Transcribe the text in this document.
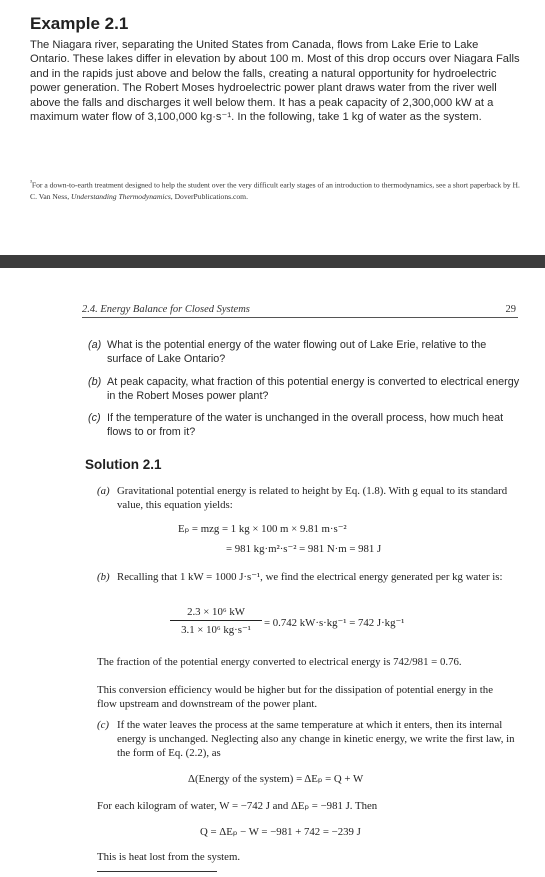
Example 2.1
The Niagara river, separating the United States from Canada, flows from Lake Erie to Lake Ontario. These lakes differ in elevation by about 100 m. Most of this drop occurs over Niagara Falls and in the rapids just above and below the falls, creating a natural opportunity for hydroelectric power generation. The Robert Moses hydroelectric power plant draws water from the river well above the falls and discharges it well below them. It has a peak capacity of 2,300,000 kW at a maximum water flow of 3,100,000 kg·s⁻¹. In the following, take 1 kg of water as the system.
$^{^3}$For a down-to-earth treatment designed to help the student over the very difficult early stages of an introduction to thermodynamics, see a short paperback by H. C. Van Ness, Understanding Thermodynamics, DoverPublications.com.
2.4. Energy Balance for Closed Systems	29
(a) What is the potential energy of the water flowing out of Lake Erie, relative to the surface of Lake Ontario?
(b) At peak capacity, what fraction of this potential energy is converted to electrical energy in the Robert Moses power plant?
(c) If the temperature of the water is unchanged in the overall process, how much heat flows to or from it?
Solution 2.1
(a) Gravitational potential energy is related to height by Eq. (1.8). With g equal to its standard value, this equation yields:
Eₚ = mzg = 1 kg × 100 m × 9.81 m·s⁻²
= 981 kg·m²·s⁻² = 981 N·m = 981 J
(b) Recalling that 1 kW = 1000 J·s⁻¹, we find the electrical energy generated per kg water is:
$\frac{\text{2.3 × 10⁶ kW}}{\text{3.1 × 10⁶ kg·s⁻¹}} = 0.742$ kW·s·kg⁻¹ = 742 J·kg⁻¹
The fraction of the potential energy converted to electrical energy is 742/981 = 0.76.
This conversion efficiency would be higher but for the dissipation of potential energy in the flow upstream and downstream of the power plant.
(c) If the water leaves the process at the same temperature at which it enters, then its internal energy is unchanged. Neglecting also any change in kinetic energy, we write the first law, in the form of Eq. (2.2), as
Δ(Energy of the system) = ΔEₚ = Q + W
For each kilogram of water, W = −742 J and ΔEₚ = −981 J. Then
Q = ΔEₚ − W = −981 + 742 = −239 J
This is heat lost from the system.
